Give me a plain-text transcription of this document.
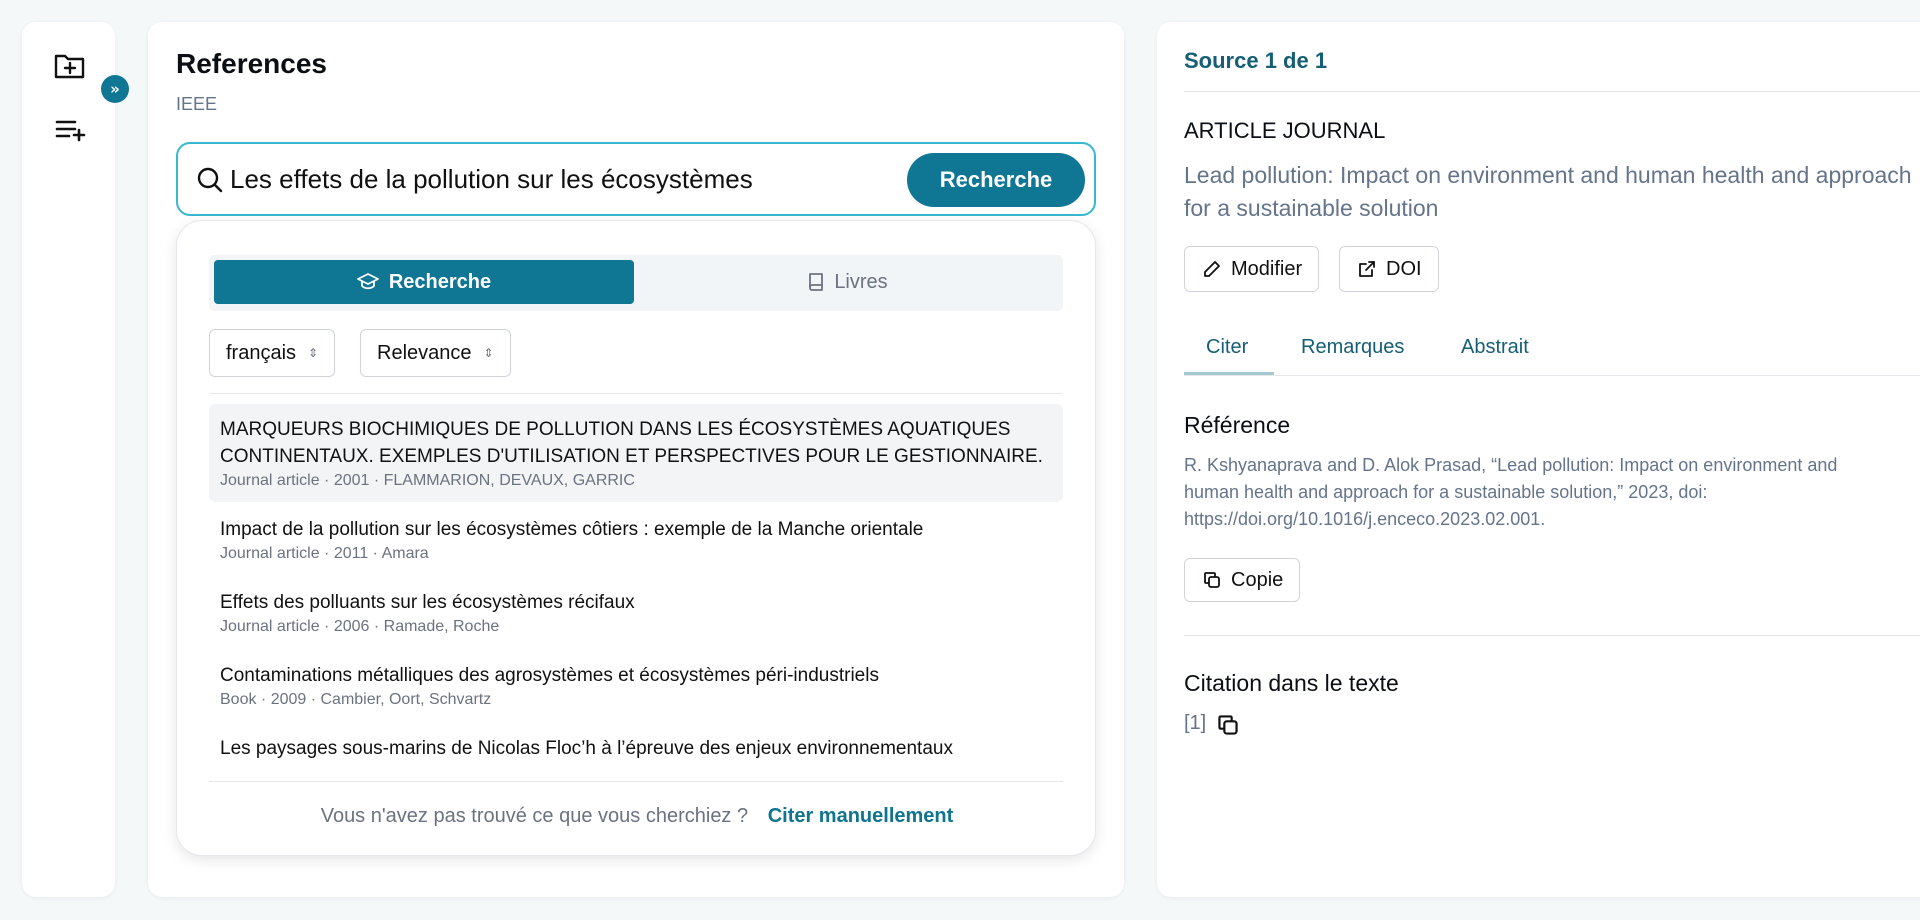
»
References
IEEE
Les effets de la pollution sur les écosystèmes
Recherche
Recherche	Livres
français ⇕	Relevance ⇕
MARQUEURS BIOCHIMIQUES DE POLLUTION DANS LES ÉCOSYSTÈMES AQUATIQUES CONTINENTAUX. EXEMPLES D'UTILISATION ET PERSPECTIVES POUR LE GESTIONNAIRE.
Journal article · 2001 · FLAMMARION, DEVAUX, GARRIC
Impact de la pollution sur les écosystèmes côtiers : exemple de la Manche orientale
Journal article · 2011 · Amara
Effets des polluants sur les écosystèmes récifaux
Journal article · 2006 · Ramade, Roche
Contaminations métalliques des agrosystèmes et écosystèmes péri-industriels
Book · 2009 · Cambier, Oort, Schvartz
Les paysages sous-marins de Nicolas Floc’h à l’épreuve des enjeux environnementaux
Vous n'avez pas trouvé ce que vous cherchiez ? Citer manuellement
Source 1 de 1
ARTICLE JOURNAL
Lead pollution: Impact on environment and human health and approach for a sustainable solution
Modifier	DOI
Citer	Remarques	Abstrait
Référence
R. Kshyanaprava and D. Alok Prasad, “Lead pollution: Impact on environment and
human health and approach for a sustainable solution,” 2023, doi:
https://doi.org/10.1016/j.enceco.2023.02.001.
Copie
Citation dans le texte
[1]
